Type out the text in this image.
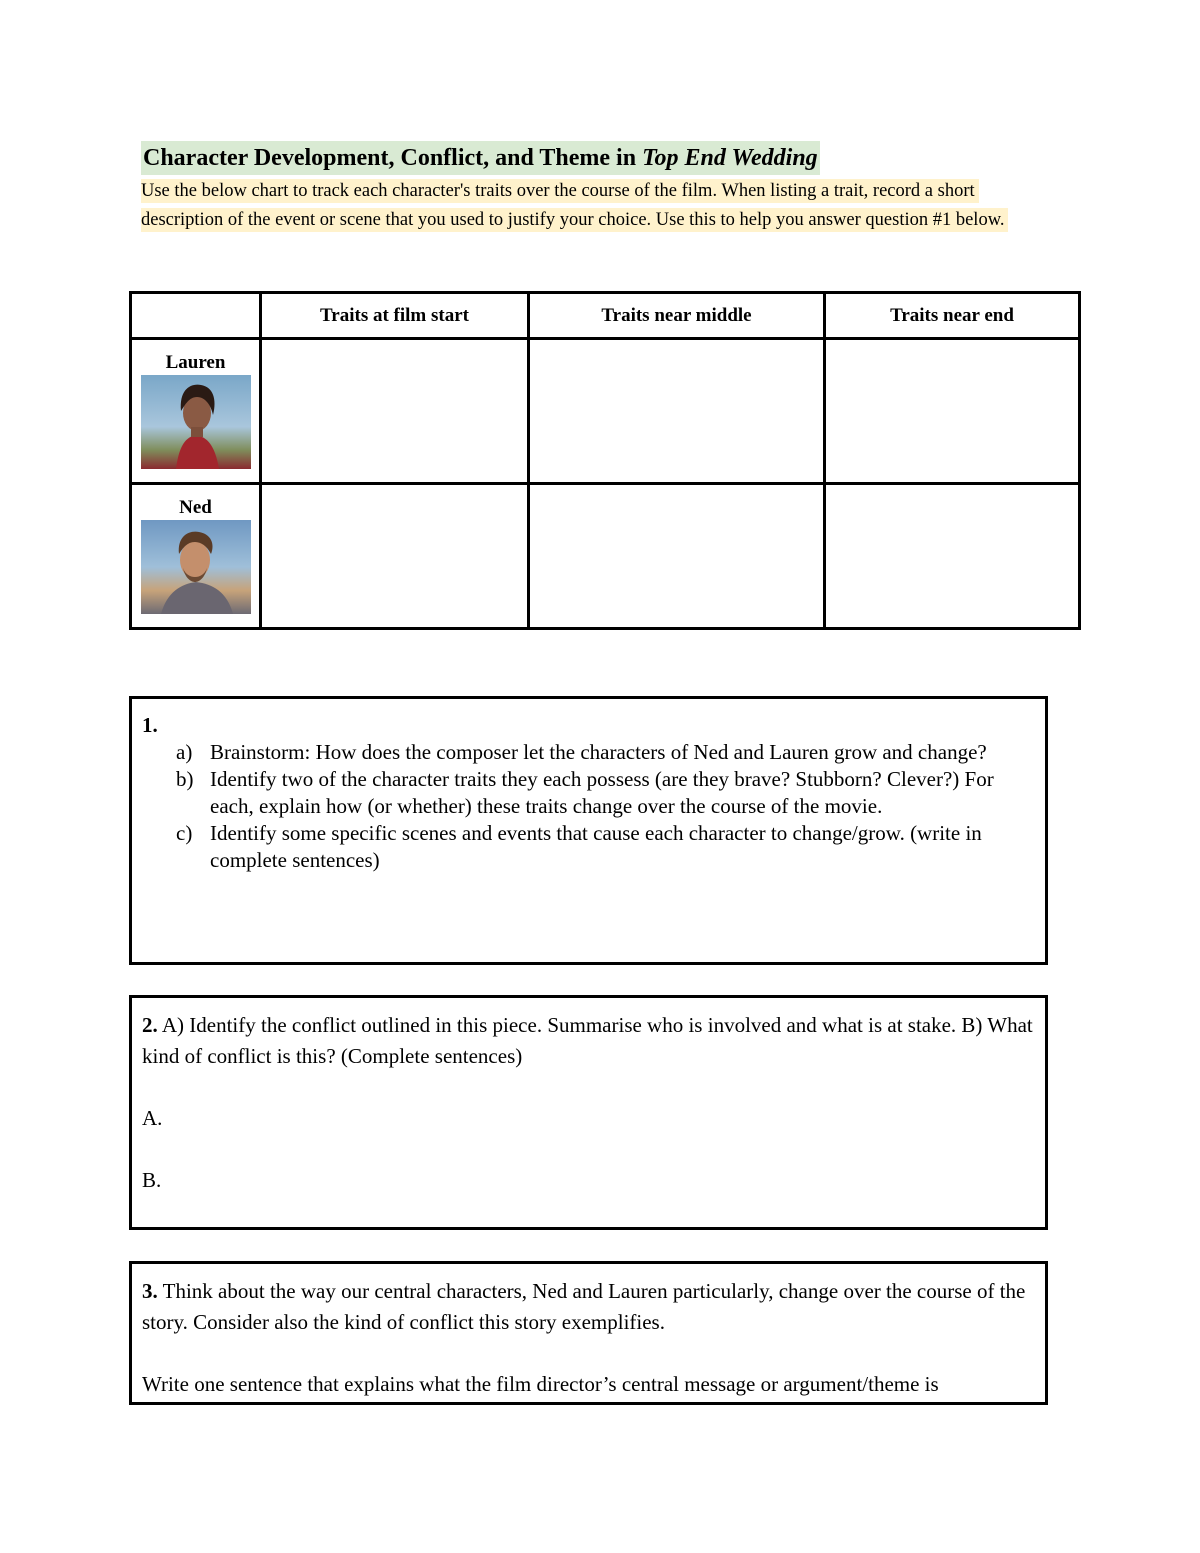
Character Development, Conflict, and Theme in Top End Wedding
Use the below chart to track each character's traits over the course of the film. When listing a trait, record a short description of the event or scene that you used to justify your choice. Use this to help you answer question #1 below.
	Traits at film start	Traits near middle	Traits near end

Lauren			

Ned			

1.
a) Brainstorm: How does the composer let the characters of Ned and Lauren grow and change?
b) Identify two of the character traits they each possess (are they brave? Stubborn? Clever?) For each, explain how (or whether) these traits change over the course of the movie.
c) Identify some specific scenes and events that cause each character to change/grow. (write in complete sentences)
2. A) Identify the conflict outlined in this piece. Summarise who is involved and what is at stake. B) What kind of conflict is this? (Complete sentences)
A.
B.
3. Think about the way our central characters, Ned and Lauren particularly, change over the course of the story. Consider also the kind of conflict this story exemplifies.
Write one sentence that explains what the film director’s central message or argument/theme is
